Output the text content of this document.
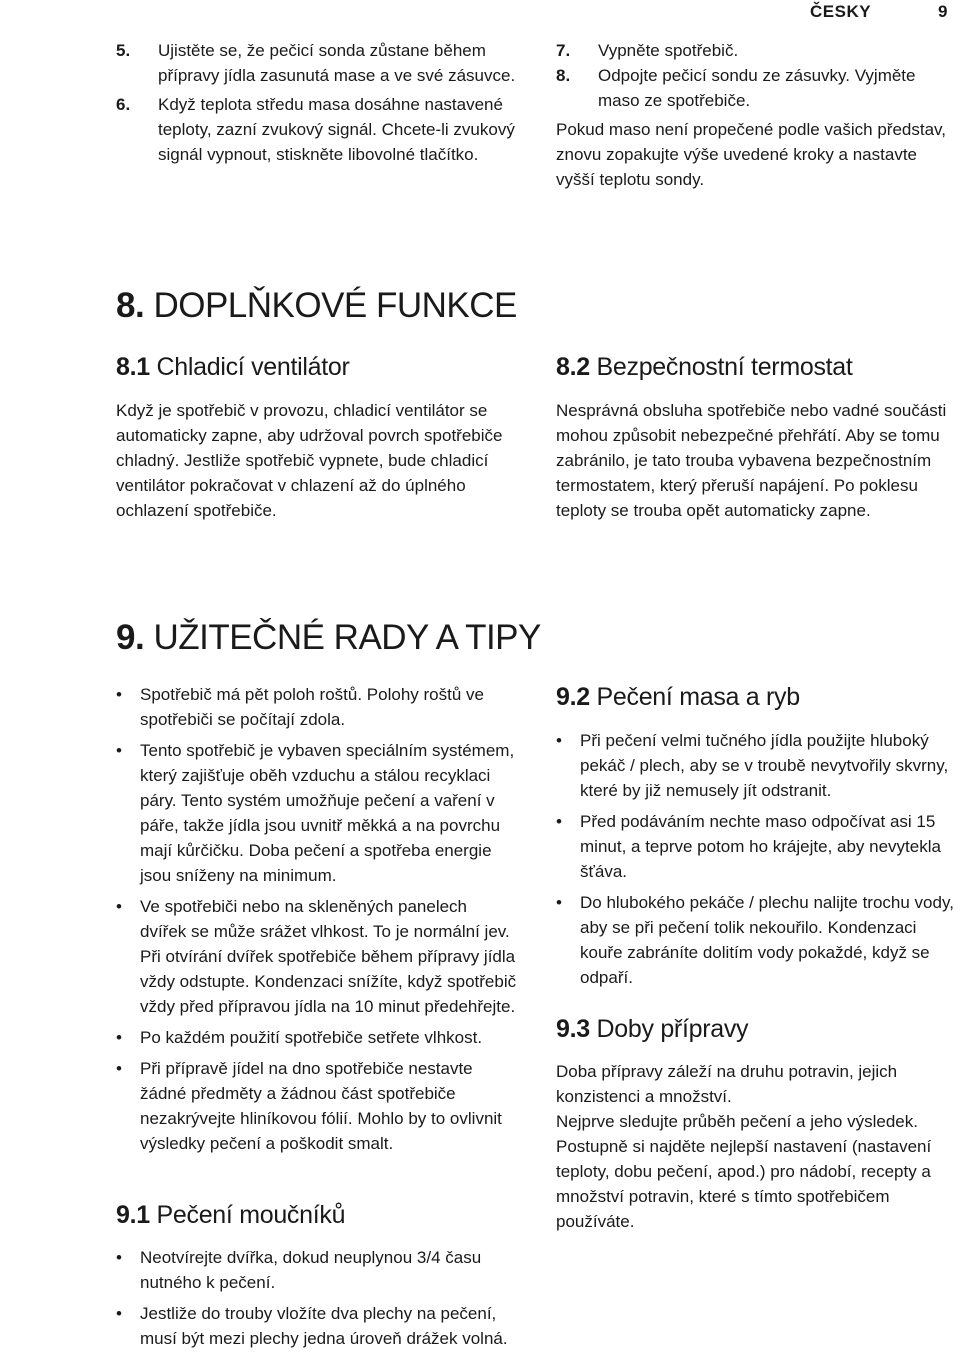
ČESKY	9
5. Ujistěte se, že pečicí sonda zůstane během přípravy jídla zasunutá mase a ve své zásuvce.
6. Když teplota středu masa dosáhne nastavené teploty, zazní zvukový signál. Chcete-li zvukový signál vypnout, stiskněte libovolné tlačítko.
7. Vypněte spotřebič.
8. Odpojte pečicí sondu ze zásuvky. Vyjměte maso ze spotřebiče.

Pokud maso není propečené podle vašich představ, znovu zopakujte výše uvedené kroky a nastavte vyšší teplotu sondy.

8. DOPLŇKOVÉ FUNKCE
8.1 Chladicí ventilátor

Když je spotřebič v provozu, chladicí ventilátor se automaticky zapne, aby udržoval povrch spotřebiče chladný. Jestliže spotřebič vypnete, bude chladicí ventilátor pokračovat v chlazení až do úplného ochlazení spotřebiče.

8.2 Bezpečnostní termostat

Nesprávná obsluha spotřebiče nebo vadné součásti mohou způsobit nebezpečné přehřátí. Aby se tomu zabránilo, je tato trouba vybavena bezpečnostním termostatem, který přeruší napájení. Po poklesu teploty se trouba opět automaticky zapne.

9. UŽITEČNÉ RADY A TIPY
• Spotřebič má pět poloh roštů. Polohy roštů ve spotřebiči se počítají zdola.
• Tento spotřebič je vybaven speciálním systémem, který zajišťuje oběh vzduchu a stálou recyklaci páry. Tento systém umožňuje pečení a vaření v páře, takže jídla jsou uvnitř měkká a na povrchu mají kůrčičku. Doba pečení a spotřeba energie jsou sníženy na minimum.
• Ve spotřebiči nebo na skleněných panelech dvířek se může srážet vlhkost. To je normální jev. Při otvírání dvířek spotřebiče během přípravy jídla vždy odstupte. Kondenzaci snížíte, když spotřebič vždy před přípravou jídla na 10 minut předehřejte.
• Po každém použití spotřebiče setřete vlhkost.
• Při přípravě jídel na dno spotřebiče nestavte žádné předměty a žádnou část spotřebiče nezakrývejte hliníkovou fólií. Mohlo by to ovlivnit výsledky pečení a poškodit smalt.
9.1 Pečení moučníků
• Neotvírejte dvířka, dokud neuplynou 3/4 času nutného k pečení.
• Jestliže do trouby vložíte dva plechy na pečení, musí být mezi plechy jedna úroveň drážek volná.
9.2 Pečení masa a ryb
• Při pečení velmi tučného jídla použijte hluboký pekáč / plech, aby se v troubě nevytvořily skvrny, které by již nemusely jít odstranit.
• Před podáváním nechte maso odpočívat asi 15 minut, a teprve potom ho krájejte, aby nevytekla šťáva.
• Do hlubokého pekáče / plechu nalijte trochu vody, aby se při pečení tolik nekouřilo. Kondenzaci kouře zabráníte dolitím vody pokaždé, když se odpaří.
9.3 Doby přípravy

Doba přípravy záleží na druhu potravin, jejich konzistenci a množství.

Nejprve sledujte průběh pečení a jeho výsledek. Postupně si najděte nejlepší nastavení (nastavení teploty, dobu pečení, apod.) pro nádobí, recepty a množství potravin, které s tímto spotřebičem používáte.
